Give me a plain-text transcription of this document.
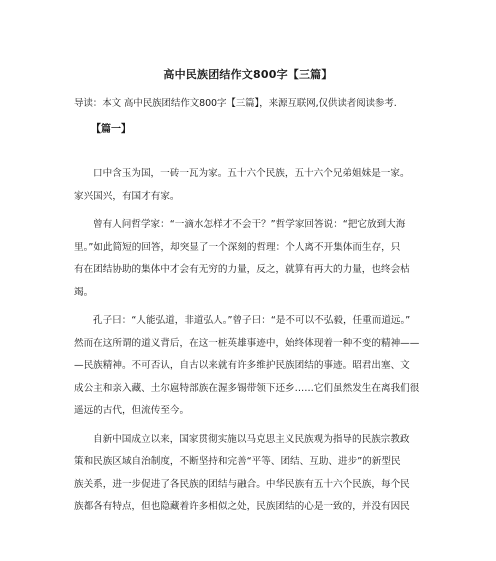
高中民族团结作文800字【三篇】
导读：本文 高中民族团结作文800字【三篇】，来源互联网,仅供读者阅读参考.
【篇一】

口中含玉为国，一砖一瓦为家。五十六个民族，五十六个兄弟姐妹是一家。
家兴国兴，有国才有家。

曾有人问哲学家：“一滴水怎样才不会干？”哲学家回答说：“把它放到大海
里。”如此简短的回答，却突显了一个深刻的哲理：个人离不开集体而生存，只
有在团结协助的集体中才会有无穷的力量，反之，就算有再大的力量，也终会枯
竭。

孔子曰：“人能弘道，非道弘人。”曾子曰：“是不可以不弘毅，任重而道远。”
然而在这所谓的道义背后，在这一桩英雄事迹中，始终体现着一种不变的精神——
—民族精神。不可否认，自古以来就有许多维护民族团结的事迹。昭君出塞、文
成公主和亲入藏、土尔扈特部族在渥多锡带领下还乡……它们虽然发生在离我们很
遥远的古代，但流传至今。

自新中国成立以来，国家贯彻实施以马克思主义民族观为指导的民族宗教政
策和民族区域自治制度，不断坚持和完善“平等、团结、互助、进步”的新型民
族关系，进一步促进了各民族的团结与融合。中华民族有五十六个民族，每个民
族都各有特点，但也隐藏着许多相似之处，民族团结的心是一致的，并没有因民
